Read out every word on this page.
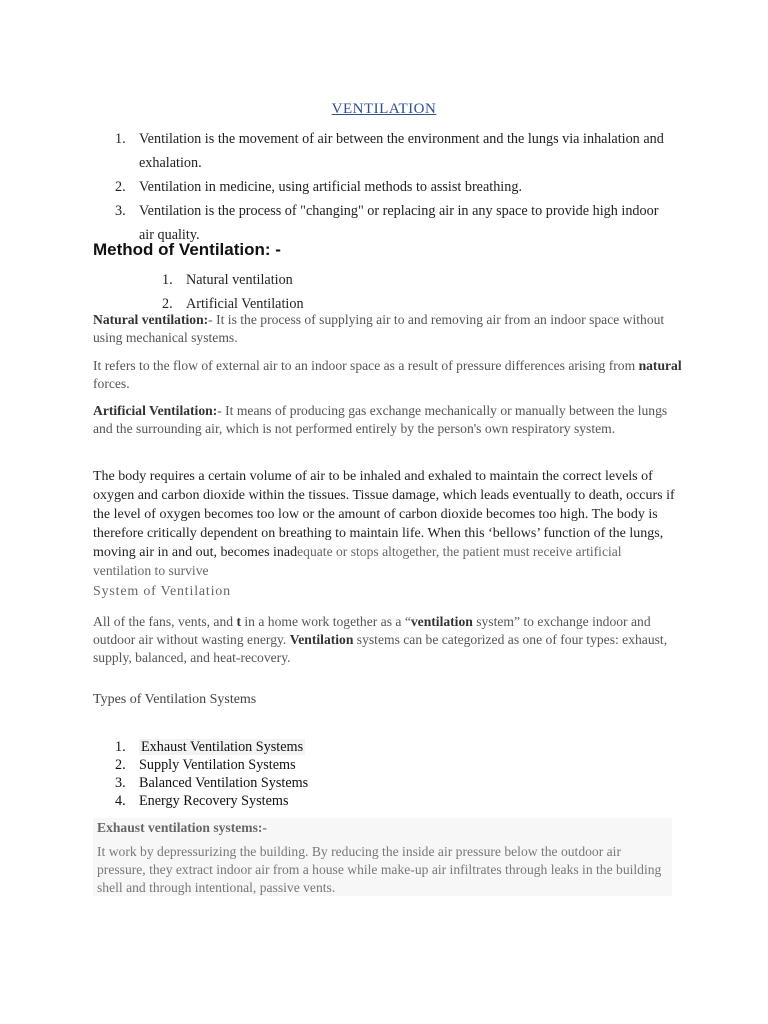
VENTILATION
1. Ventilation is the movement of air between the environment and the lungs via inhalation and exhalation.
2. Ventilation in medicine, using artificial methods to assist breathing.
3. Ventilation is the process of "changing" or replacing air in any space to provide high indoor air quality.
Method of Ventilation: -
1. Natural ventilation
2. Artificial Ventilation
Natural ventilation:- It is the process of supplying air to and removing air from an indoor space without using mechanical systems.
It refers to the flow of external air to an indoor space as a result of pressure differences arising from natural forces.
Artificial Ventilation:- It means of producing gas exchange mechanically or manually between the lungs and the surrounding air, which is not performed entirely by the person's own respiratory system.
The body requires a certain volume of air to be inhaled and exhaled to maintain the correct levels of oxygen and carbon dioxide within the tissues. Tissue damage, which leads eventually to death, occurs if the level of oxygen becomes too low or the amount of carbon dioxide becomes too high. The body is therefore critically dependent on breathing to maintain life. When this ‘bellows’ function of the lungs, moving air in and out, becomes inadequate or stops altogether, the patient must receive artificial ventilation to survive
System of Ventilation
All of the fans, vents, and t in a home work together as a “ventilation system” to exchange indoor and outdoor air without wasting energy. Ventilation systems can be categorized as one of four types: exhaust, supply, balanced, and heat-recovery.
Types of Ventilation Systems
1. Exhaust Ventilation Systems
2. Supply Ventilation Systems
3. Balanced Ventilation Systems
4. Energy Recovery Systems
Exhaust ventilation systems:-
It work by depressurizing the building. By reducing the inside air pressure below the outdoor air pressure, they extract indoor air from a house while make-up air infiltrates through leaks in the building shell and through intentional, passive vents.
